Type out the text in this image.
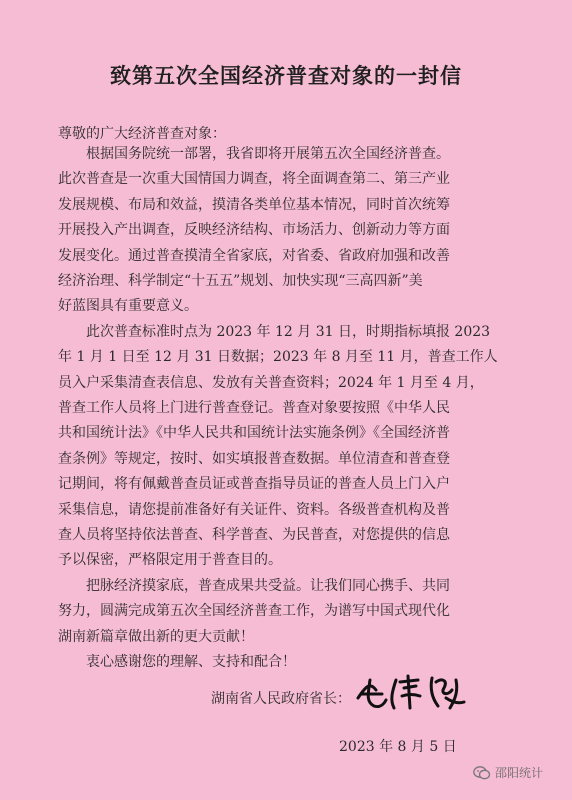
致第五次全国经济普查对象的一封信
尊敬的广大经济普查对象：
根据国务院统一部署，我省即将开展第五次全国经济普查。
此次普查是一次重大国情国力调查，将全面调查第二、第三产业
发展规模、布局和效益，摸清各类单位基本情况，同时首次统筹
开展投入产出调查，反映经济结构、市场活力、创新动力等方面
发展变化。通过普查摸清全省家底，对省委、省政府加强和改善
经济治理、科学制定“十五五”规划、加快实现“三高四新”美
好蓝图具有重要意义。
此次普查标准时点为 2023 年 12 月 31 日，时期指标填报 2023
年 1 月 1 日至 12 月 31 日数据；2023 年 8 月至 11 月，普查工作人
员入户采集清查表信息、发放有关普查资料；2024 年 1 月至 4 月，
普查工作人员将上门进行普查登记。普查对象要按照《中华人民
共和国统计法》《中华人民共和国统计法实施条例》《全国经济普
查条例》等规定，按时、如实填报普查数据。单位清查和普查登
记期间，将有佩戴普查员证或普查指导员证的普查人员上门入户
采集信息，请您提前准备好有关证件、资料。各级普查机构及普
查人员将坚持依法普查、科学普查、为民普查，对您提供的信息
予以保密，严格限定用于普查目的。
把脉经济摸家底，普查成果共受益。让我们同心携手、共同
努力，圆满完成第五次全国经济普查工作，为谱写中国式现代化
湖南新篇章做出新的更大贡献！
衷心感谢您的理解、支持和配合！
湖南省人民政府省长：
2023 年 8 月 5 日
邵阳统计
